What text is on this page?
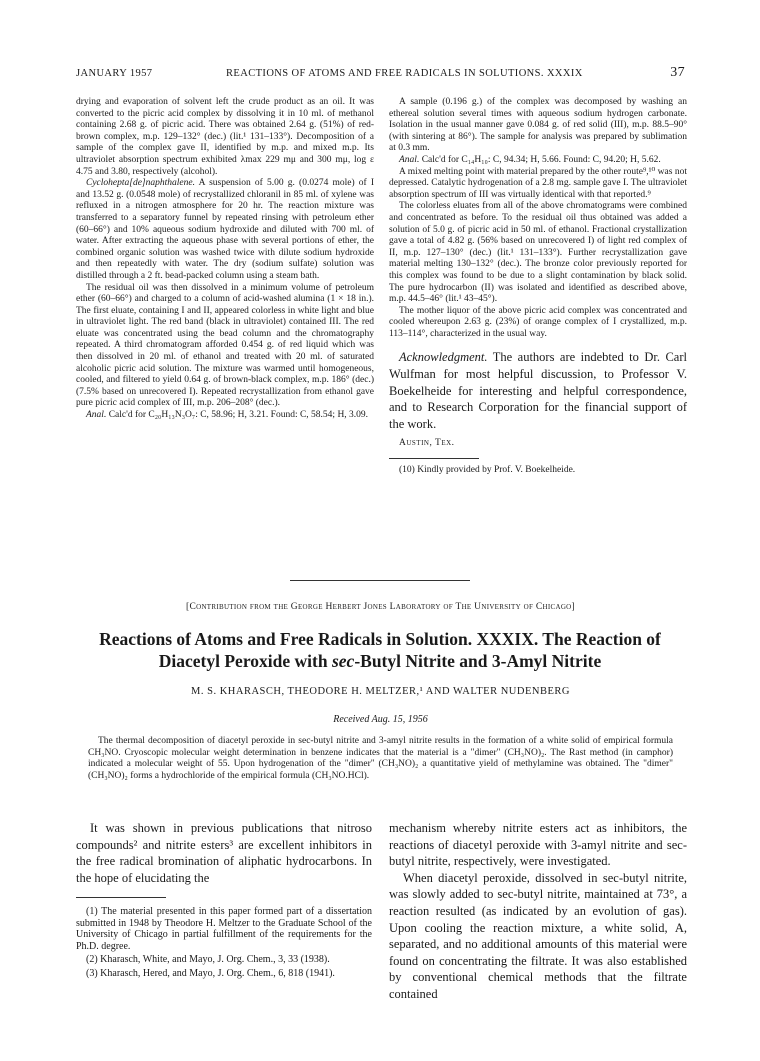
JANUARY 1957	REACTIONS OF ATOMS AND FREE RADICALS IN SOLUTIONS. XXXIX	37

drying and evaporation of solvent left the crude product as an oil. It was converted to the picric acid complex by dissolving it in 10 ml. of methanol containing 2.68 g. of picric acid. There was obtained 2.64 g. (51%) of red-brown complex, m.p. 129–132° (dec.) (lit.¹ 131–133°). Decomposition of a sample of the complex gave II, identified by m.p. and mixed m.p. Its ultraviolet absorption spectrum exhibited λmax 229 mμ and 300 mμ, log ε 4.75 and 3.80, respectively (alcohol).

Cyclohepta[de]naphthalene. A suspension of 5.00 g. (0.0274 mole) of I and 13.52 g. (0.0548 mole) of recrystallized chloranil in 85 ml. of xylene was refluxed in a nitrogen atmosphere for 20 hr. The reaction mixture was transferred to a separatory funnel by repeated rinsing with petroleum ether (60–66°) and 10% aqueous sodium hydroxide and diluted with 700 ml. of water. After extracting the aqueous phase with several portions of ether, the combined organic solution was washed twice with dilute sodium hydroxide and then repeatedly with water. The dry (sodium sulfate) solution was distilled through a 2 ft. bead-packed column using a steam bath.

The residual oil was then dissolved in a minimum volume of petroleum ether (60–66°) and charged to a column of acid-washed alumina (1 × 18 in.). The first eluate, containing I and II, appeared colorless in white light and blue in ultraviolet light. The red band (black in ultraviolet) contained III. The red eluate was concentrated using the bead column and the chromatography repeated. A third chromatogram afforded 0.454 g. of red liquid which was then dissolved in 20 ml. of ethanol and treated with 20 ml. of saturated alcoholic picric acid solution. The mixture was warmed until homogeneous, cooled, and filtered to yield 0.64 g. of brown-black complex, m.p. 186° (dec.) (7.5% based on unrecovered I). Repeated recrystallization from ethanol gave pure picric acid complex of III, m.p. 206–208° (dec.).

Anal. Calc'd for C₂₀H₁₃N₃O₇: C, 58.96; H, 3.21. Found: C, 58.54; H, 3.09.

A sample (0.196 g.) of the complex was decomposed by washing an ethereal solution several times with aqueous sodium hydrogen carbonate. Isolation in the usual manner gave 0.084 g. of red solid (III), m.p. 88.5–90° (with sintering at 86°). The sample for analysis was prepared by sublimation at 0.3 mm.

Anal. Calc'd for C₁₄H₁₀: C, 94.34; H, 5.66. Found: C, 94.20; H, 5.62.

A mixed melting point with material prepared by the other route⁹,¹⁰ was not depressed. Catalytic hydrogenation of a 2.8 mg. sample gave I. The ultraviolet absorption spectrum of III was virtually identical with that reported.⁹

The colorless eluates from all of the above chromatograms were combined and concentrated as before. To the residual oil thus obtained was added a solution of 5.0 g. of picric acid in 50 ml. of ethanol. Fractional crystallization gave a total of 4.82 g. (56% based on unrecovered I) of light red complex of II, m.p. 127–130° (dec.) (lit.¹ 131–133°). Further recrystallization gave material melting 130–132° (dec.). The bronze color previously reported for this complex was found to be due to a slight contamination by black solid. The pure hydrocarbon (II) was isolated and identified as described above, m.p. 44.5–46° (lit.¹ 43–45°).

The mother liquor of the above picric acid complex was concentrated and cooled whereupon 2.63 g. (23%) of orange complex of I crystallized, m.p. 113–114°, characterized in the usual way.

Acknowledgment. The authors are indebted to Dr. Carl Wulfman for most helpful discussion, to Professor V. Boekelheide for interesting and helpful correspondence, and to Research Corporation for the financial support of the work.

Austin, Tex.

(10) Kindly provided by Prof. V. Boekelheide.

[Contribution from the George Herbert Jones Laboratory of The University of Chicago]
Reactions of Atoms and Free Radicals in Solution. XXXIX. The Reaction of
Diacetyl Peroxide with sec-Butyl Nitrite and 3-Amyl Nitrite
M. S. KHARASCH, THEODORE H. MELTZER,¹ AND WALTER NUDENBERG
Received Aug. 15, 1956

The thermal decomposition of diacetyl peroxide in sec-butyl nitrite and 3-amyl nitrite results in the formation of a white solid of empirical formula CH₃NO. Cryoscopic molecular weight determination in benzene indicates that the material is a "dimer" (CH₃NO)₂. The Rast method (in camphor) indicated a molecular weight of 55. Upon hydrogenation of the "dimer" (CH₃NO)₂ a quantitative yield of methylamine was obtained. The "dimer" (CH₃NO)₂ forms a hydrochloride of the empirical formula (CH₃NO.HCl).

It was shown in previous publications that nitroso compounds² and nitrite esters³ are excellent inhibitors in the free radical bromination of aliphatic hydrocarbons. In the hope of elucidating the

(1) The material presented in this paper formed part of a dissertation submitted in 1948 by Theodore H. Meltzer to the Graduate School of the University of Chicago in partial fulfillment of the requirements for the Ph.D. degree.

(2) Kharasch, White, and Mayo, J. Org. Chem., 3, 33 (1938).

(3) Kharasch, Hered, and Mayo, J. Org. Chem., 6, 818 (1941).

mechanism whereby nitrite esters act as inhibitors, the reactions of diacetyl peroxide with 3-amyl nitrite and sec-butyl nitrite, respectively, were investigated.

When diacetyl peroxide, dissolved in sec-butyl nitrite, was slowly added to sec-butyl nitrite, maintained at 73°, a reaction resulted (as indicated by an evolution of gas). Upon cooling the reaction mixture, a white solid, A, separated, and no additional amounts of this material were found on concentrating the filtrate. It was also established by conventional chemical methods that the filtrate contained
